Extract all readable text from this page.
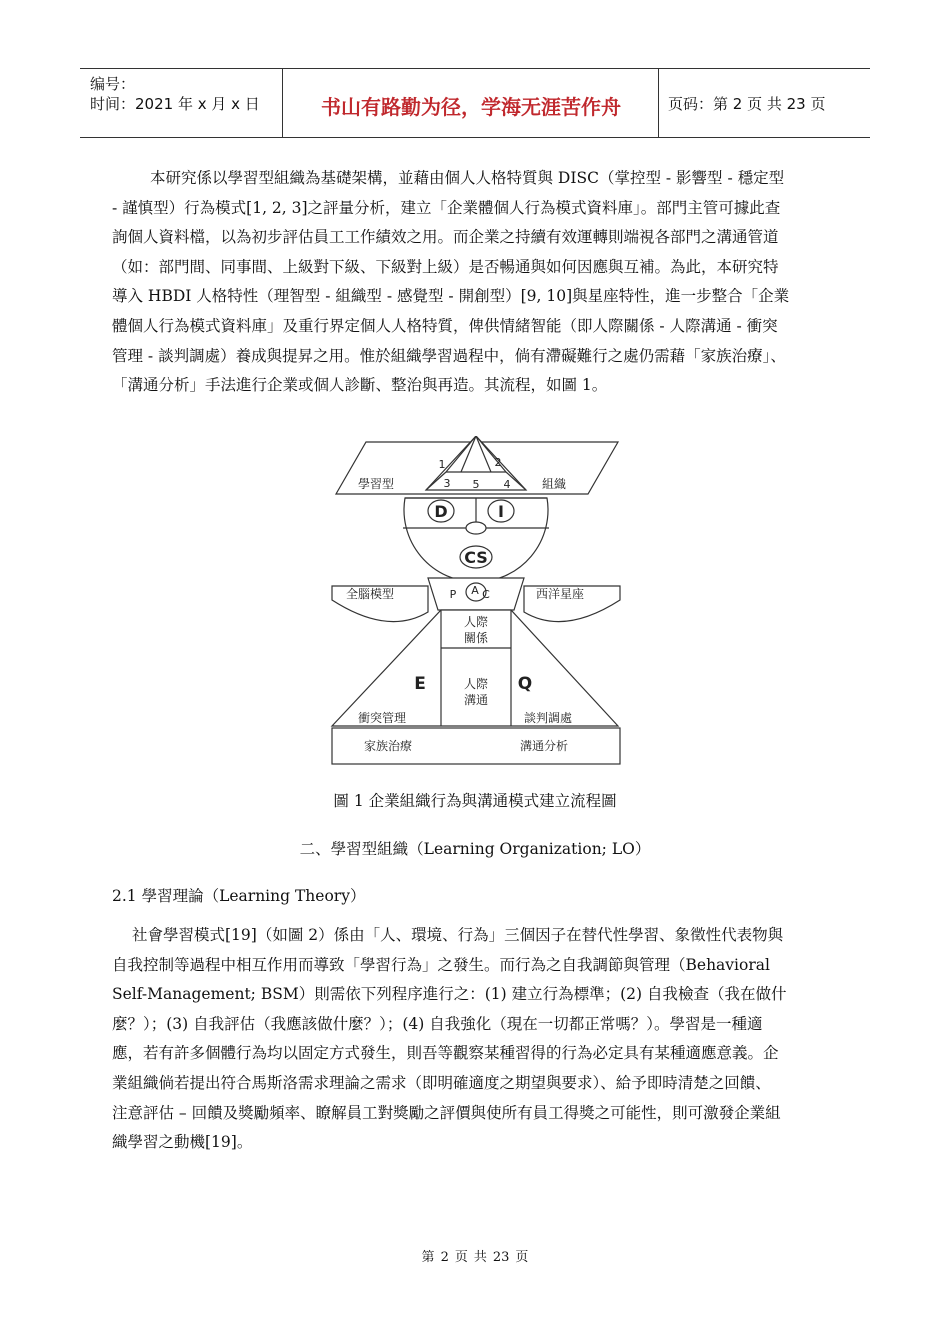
编号：
时间：2021 年 x 月 x 日	书山有路勤为径，学海无涯苦作舟	页码：第 2 页 共 23 页
本研究係以學習型組織為基礎架構，並藉由個人人格特質與 DISC（掌控型 - 影響型 - 穩定型
- 謹慎型）行為模式[1, 2, 3]之評量分析，建立「企業體個人行為模式資料庫」。部門主管可據此查
詢個人資料檔，以為初步評估員工工作績效之用。而企業之持續有效運轉則端視各部門之溝通管道
（如：部門間、同事間、上級對下級、下級對上級）是否暢通與如何因應與互補。為此，本研究特
導入 HBDI 人格特性（理智型 - 組織型 - 感覺型 - 開創型）[9, 10]與星座特性，進一步整合「企業
體個人行為模式資料庫」及重行界定個人人格特質，俾供情緒智能（即人際關係 - 人際溝通 - 衝突
管理 - 談判調處）養成與提昇之用。惟於組織學習過程中，倘有滯礙難行之處仍需藉「家族治療」、
「溝通分析」手法進行企業或個人診斷、整治與再造。其流程，如圖 1。
1	2
3 5 4
學習型	組織
D	I
CS
P A C
全腦模型	西洋星座
人際
關係
人際
溝通
E	Q
衝突管理	談判調處
家族治療	溝通分析
圖 1 企業組織行為與溝通模式建立流程圖
二、學習型組織（Learning Organization; LO）
2.1 學習理論（Learning Theory）
社會學習模式[19]（如圖 2）係由「人、環境、行為」三個因子在替代性學習、象徵性代表物與
自我控制等過程中相互作用而導致「學習行為」之發生。而行為之自我調節與管理（Behavioral
Self-Management; BSM）則需依下列程序進行之：(1) 建立行為標準；(2) 自我檢查（我在做什
麼？）；(3) 自我評估（我應該做什麼？）；(4) 自我強化（現在一切都正常嗎？）。學習是一種適
應，若有許多個體行為均以固定方式發生，則吾等觀察某種習得的行為必定具有某種適應意義。企
業組織倘若提出符合馬斯洛需求理論之需求（即明確適度之期望與要求）、給予即時清楚之回饋、
注意評估 – 回饋及獎勵頻率、瞭解員工對獎勵之評價與使所有員工得獎之可能性，則可激發企業組
織學習之動機[19]。
第 2 页 共 23 页
